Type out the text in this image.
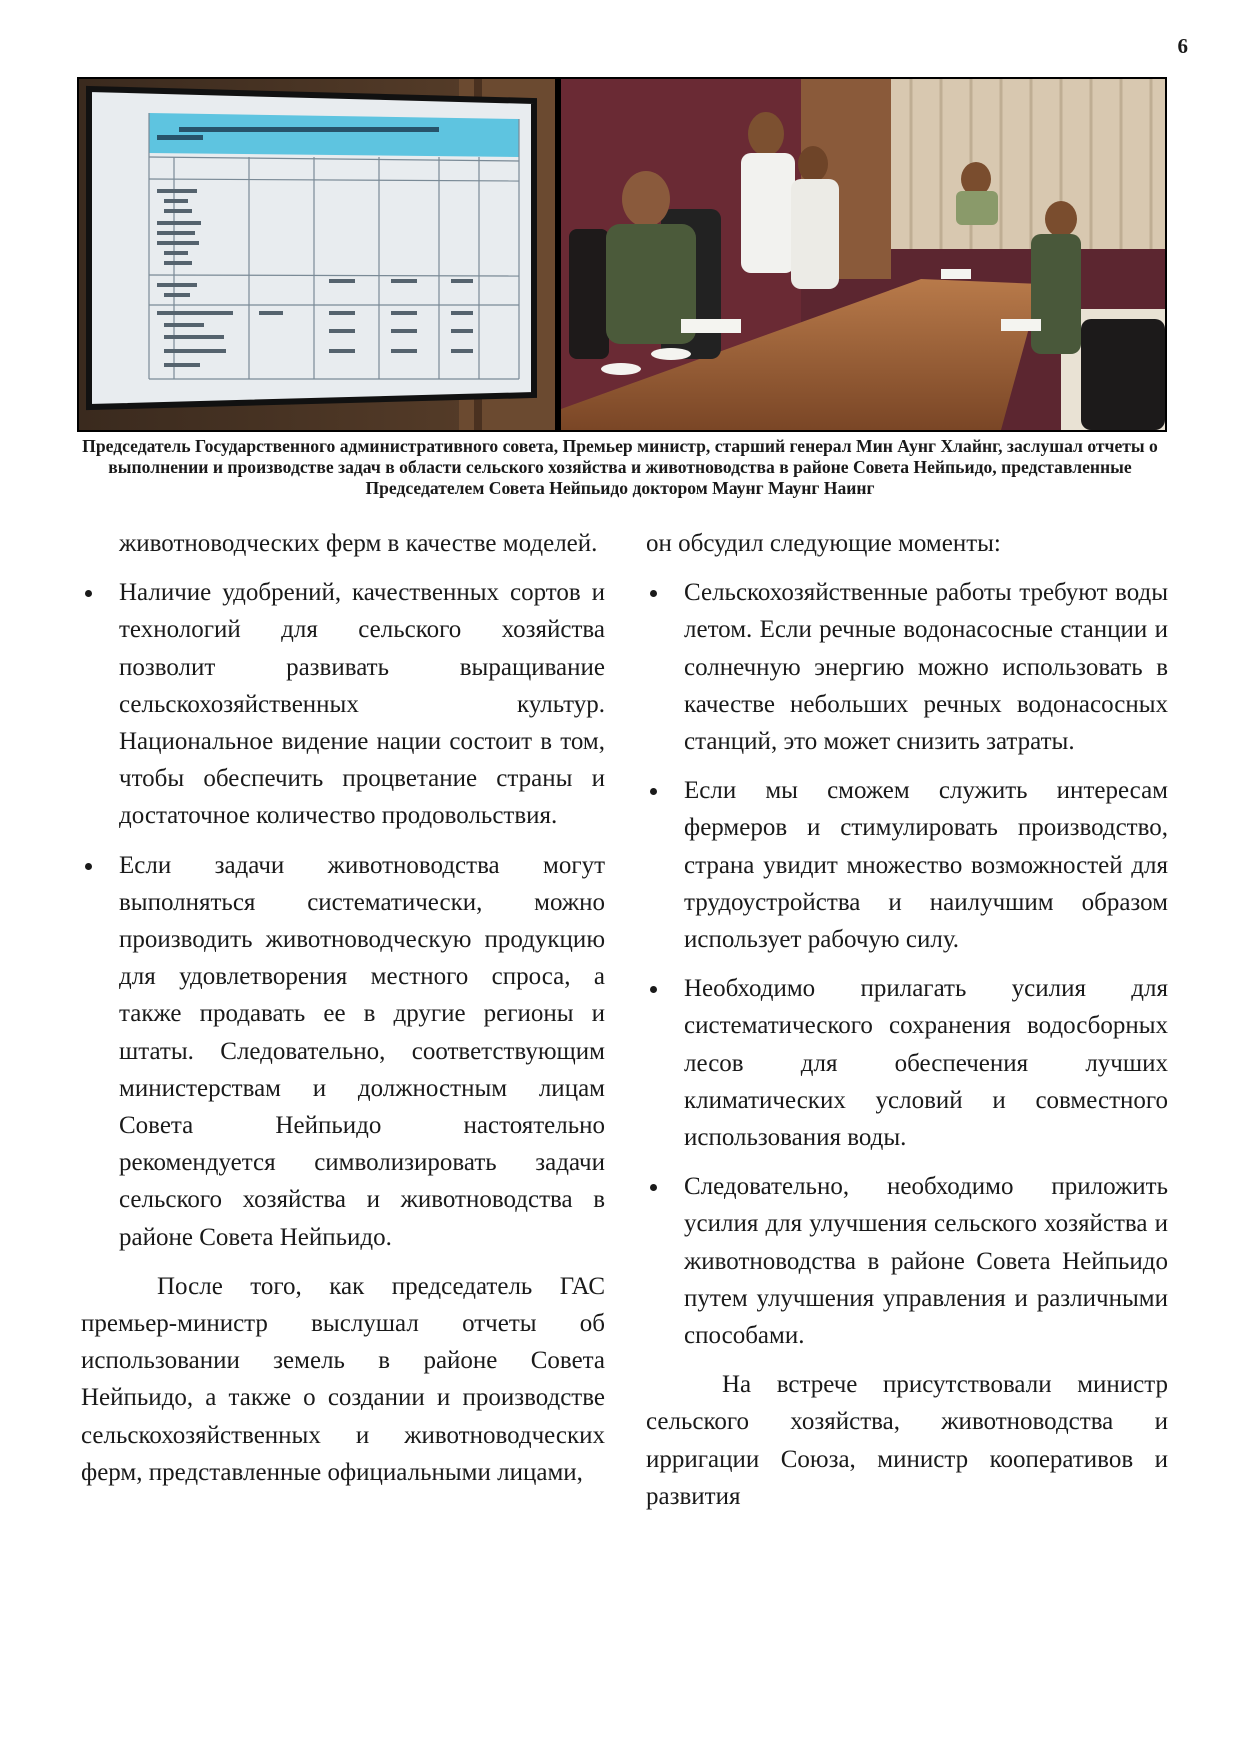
6
Председатель Государственного административного совета, Премьер министр, старший генерал Мин Аунг Хлайнг, заслушал отчеты о выполнении и производстве задач в области сельского хозяйства и животноводства в районе Совета Нейпьидо, представленные Председателем Совета Нейпьидо доктором Маунг Маунг Наинг

животноводческих ферм в качестве моделей.

Наличие удобрений, качественных сортов и технологий для сельского хозяйства позволит развивать выращивание сельскохозяйственных культур. Национальное видение нации состоит в том, чтобы обеспечить процветание страны и достаточное количество продовольствия.
Если задачи животноводства могут выполняться систематически, можно производить животноводческую продукцию для удовлетворения местного спроса, а также продавать ее в другие регионы и штаты. Следовательно, соответствующим министерствам и должностным лицам Совета Нейпьидо настоятельно рекомендуется символизировать задачи сельского хозяйства и животноводства в районе Совета Нейпьидо.

После того, как председатель ГАС премьер-министр выслушал отчеты об использовании земель в районе Совета Нейпьидо, а также о создании и производстве сельскохозяйственных и животноводческих ферм, представленные официальными лицами,

он обсудил следующие моменты:

Сельскохозяйственные работы требуют воды летом. Если речные водонасосные станции и солнечную энергию можно использовать в качестве небольших речных водонасосных станций, это может снизить затраты.
Если мы сможем служить интересам фермеров и стимулировать производство, страна увидит множество возможностей для трудоустройства и наилучшим образом использует рабочую силу.
Необходимо прилагать усилия для систематического сохранения водосборных лесов для обеспечения лучших климатических условий и совместного использования воды.
Следовательно, необходимо приложить усилия для улучшения сельского хозяйства и животноводства в районе Совета Нейпьидо путем улучшения управления и различными способами.

На встрече присутствовали министр сельского хозяйства, животноводства и ирригации Союза, министр кооперативов и развития
